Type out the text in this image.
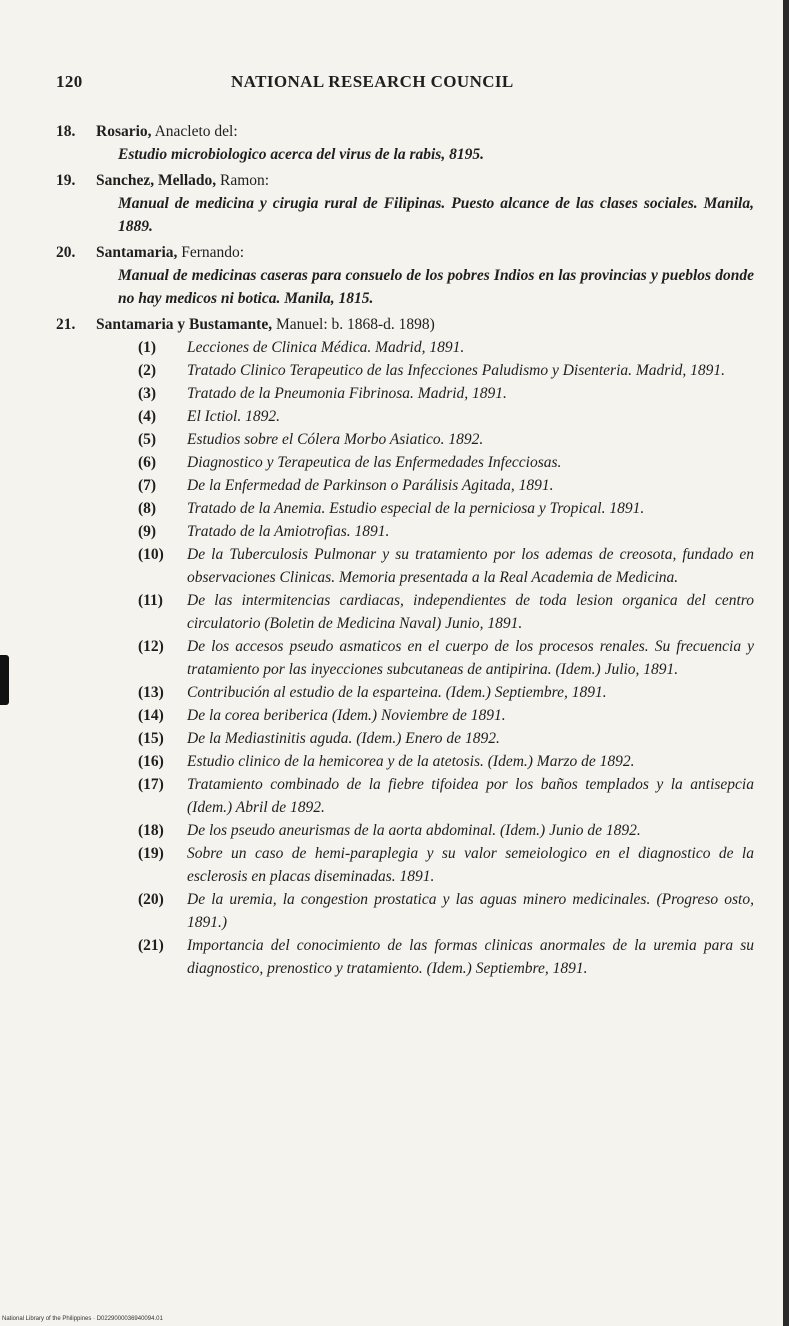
120	NATIONAL RESEARCH COUNCIL
18. Rosario, Anacleto del:
Estudio microbiologico acerca del virus de la rabis, 8195.
19. Sanchez, Mellado, Ramon:
Manual de medicina y cirugia rural de Filipinas. Puesto alcance de las clases sociales. Manila, 1889.
20. Santamaria, Fernando:
Manual de medicinas caseras para consuelo de los pobres Indios en las provincias y pueblos donde no hay medicos ni botica. Manila, 1815.
21. Santamaria y Bustamante, Manuel: b. 1868-d. 1898)
(1) Lecciones de Clinica Médica. Madrid, 1891.
(2) Tratado Clinico Terapeutico de las Infecciones Paludismo y Disenteria. Madrid, 1891.
(3) Tratado de la Pneumonia Fibrinosa. Madrid, 1891.
(4) El Ictiol. 1892.
(5) Estudios sobre el Cólera Morbo Asiatico. 1892.
(6) Diagnostico y Terapeutica de las Enfermedades Infecciosas.
(7) De la Enfermedad de Parkinson o Parálisis Agitada, 1891.
(8) Tratado de la Anemia. Estudio especial de la perniciosa y Tropical. 1891.
(9) Tratado de la Amiotrofias. 1891.
(10) De la Tuberculosis Pulmonar y su tratamiento por los ademas de creosota, fundado en observaciones Clinicas. Memoria presentada a la Real Academia de Medicina.
(11) De las intermitencias cardiacas, independientes de toda lesion organica del centro circulatorio (Boletin de Medicina Naval) Junio, 1891.
(12) De los accesos pseudo asmaticos en el cuerpo de los procesos renales. Su frecuencia y tratamiento por las inyecciones subcutaneas de antipirina. (Idem.) Julio, 1891.
(13) Contribución al estudio de la esparteina. (Idem.) Septiembre, 1891.
(14) De la corea beriberica (Idem.) Noviembre de 1891.
(15) De la Mediastinitis aguda. (Idem.) Enero de 1892.
(16) Estudio clinico de la hemicorea y de la atetosis. (Idem.) Marzo de 1892.
(17) Tratamiento combinado de la fiebre tifoidea por los baños templados y la antisepcia (Idem.) Abril de 1892.
(18) De los pseudo aneurismas de la aorta abdominal. (Idem.) Junio de 1892.
(19) Sobre un caso de hemi-paraplegia y su valor semeiologico en el diagnostico de la esclerosis en placas diseminadas. 1891.
(20) De la uremia, la congestion prostatica y las aguas minero medicinales. (Progreso osto, 1891.)
(21) Importancia del conocimiento de las formas clinicas anormales de la uremia para su diagnostico, prenostico y tratamiento. (Idem.) Septiembre, 1891.
National Library of the Philippines · D0229000036940094.01
